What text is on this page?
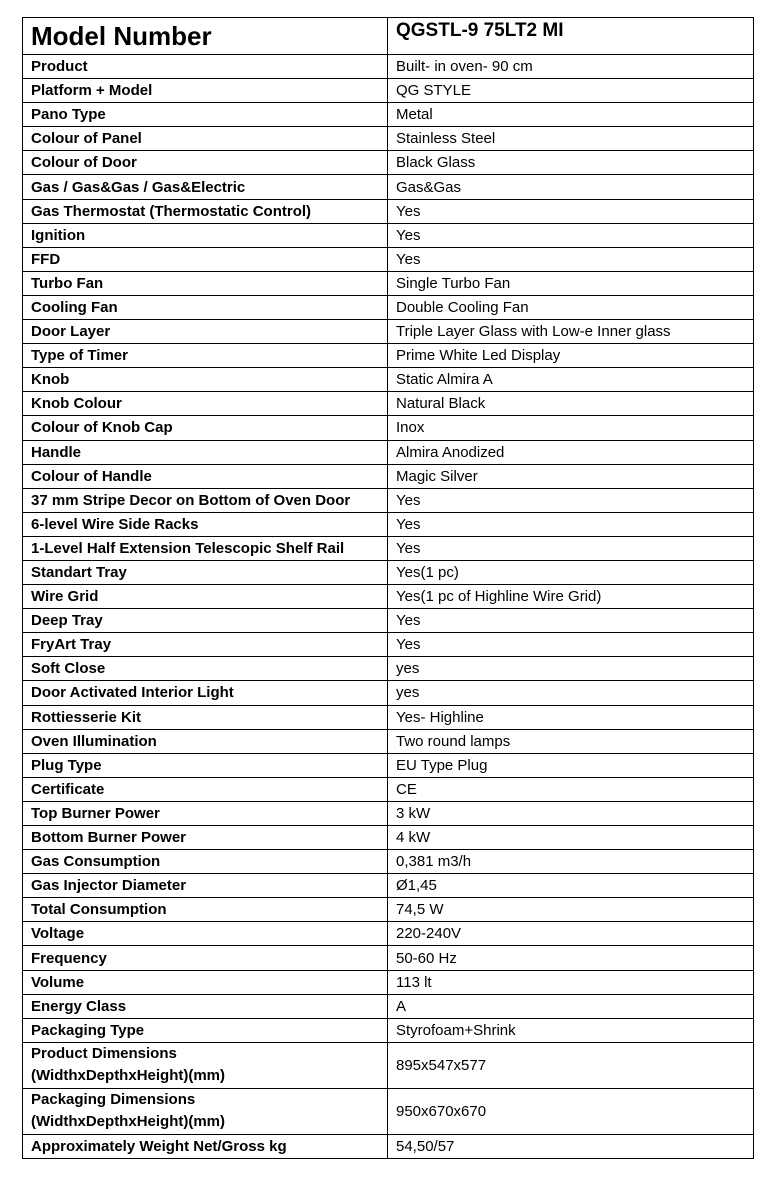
Model Number	QGSTL-9 75LT2 MI
Product	Built- in oven- 90 cm
Platform + Model	QG STYLE
Pano Type	Metal
Colour of Panel	Stainless Steel
Colour of Door	Black Glass
Gas / Gas&Gas / Gas&Electric	Gas&Gas
Gas Thermostat (Thermostatic Control)	Yes
Ignition	Yes
FFD	Yes
Turbo Fan	Single Turbo Fan
Cooling Fan	Double Cooling Fan
Door Layer	Triple Layer Glass with Low-e Inner glass
Type of Timer	Prime White Led Display
Knob	Static Almira A
Knob Colour	Natural Black
Colour of Knob Cap	Inox
Handle	Almira Anodized
Colour of Handle	Magic Silver
37 mm Stripe Decor on Bottom of Oven Door	Yes
6-level Wire Side Racks	Yes
1-Level Half Extension Telescopic Shelf Rail	Yes
Standart Tray	Yes(1 pc)
Wire Grid	Yes(1 pc of Highline Wire Grid)
Deep Tray	Yes
FryArt Tray	Yes
Soft Close	yes
Door Activated Interior Light	yes
Rottiesserie Kit	Yes- Highline
Oven Illumination	Two round lamps
Plug Type	EU Type Plug
Certificate	CE
Top Burner Power	3 kW
Bottom Burner Power	4 kW
Gas Consumption	0,381 m3/h
Gas Injector Diameter	Ø1,45
Total Consumption	74,5 W
Voltage	220-240V
Frequency	50-60 Hz
Volume	113 lt
Energy Class	A
Packaging Type	Styrofoam+Shrink

Product Dimensions
(WidthxDepthxHeight)(mm)	895x547x577

Packaging Dimensions
(WidthxDepthxHeight)(mm)	950x670x670
Approximately Weight Net/Gross kg	54,50/57
